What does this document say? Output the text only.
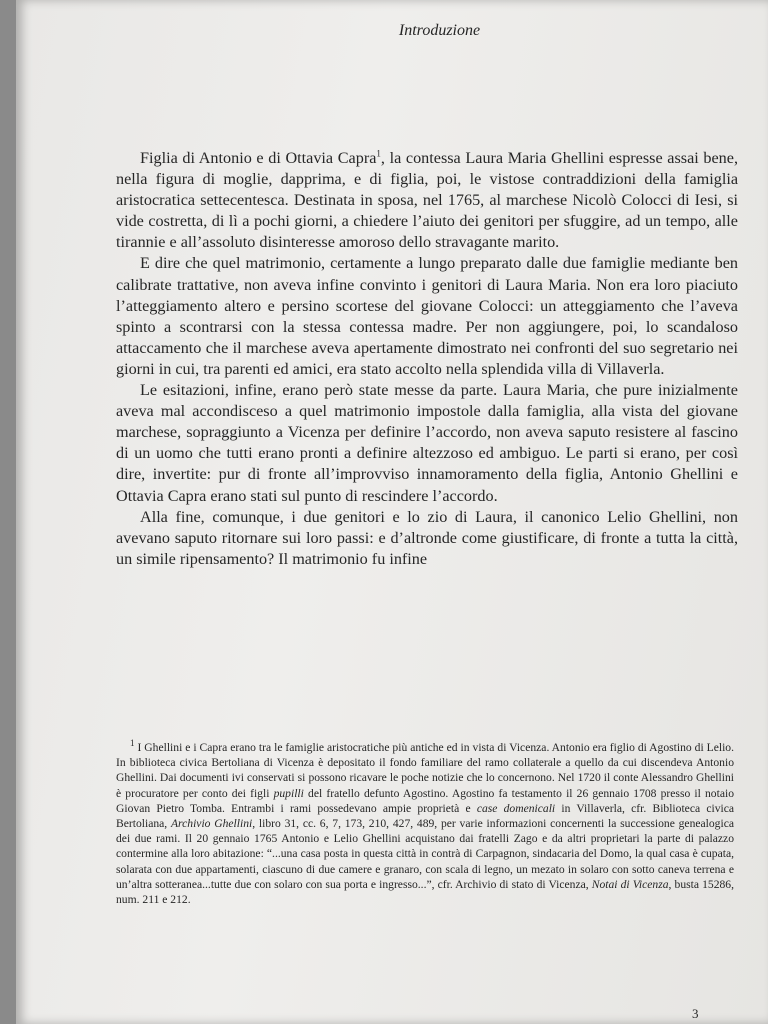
Introduzione

Figlia di Antonio e di Ottavia Capra$^1$, la contessa Laura Maria Ghellini espresse assai bene, nella figura di moglie, dapprima, e di figlia, poi, le vistose contraddizioni della famiglia aristocratica settecentesca. Destinata in sposa, nel 1765, al marchese Nicolò Colocci di Iesi, si vide costretta, di lì a pochi giorni, a chiedere l’aiuto dei genitori per sfuggire, ad un tempo, alle tirannie e all’assoluto disinteresse amoroso dello stravagante marito.

E dire che quel matrimonio, certamente a lungo preparato dalle due famiglie mediante ben calibrate trattative, non aveva infine convinto i genitori di Laura Maria. Non era loro piaciuto l’atteggiamento altero e persino scortese del giovane Colocci: un atteggiamento che l’aveva spinto a scontrarsi con la stessa contessa madre. Per non aggiungere, poi, lo scandaloso attaccamento che il marchese aveva apertamente dimostrato nei confronti del suo segretario nei giorni in cui, tra parenti ed amici, era stato accolto nella splendida villa di Villaverla.

Le esitazioni, infine, erano però state messe da parte. Laura Maria, che pure inizialmente aveva mal accondisceso a quel matrimonio impostole dalla famiglia, alla vista del giovane marchese, sopraggiunto a Vicenza per definire l’accordo, non aveva saputo resistere al fascino di un uomo che tutti erano pronti a definire altezzoso ed ambiguo. Le parti si erano, per così dire, invertite: pur di fronte all’improvviso innamoramento della figlia, Antonio Ghellini e Ottavia Capra erano stati sul punto di rescindere l’accordo.

Alla fine, comunque, i due genitori e lo zio di Laura, il canonico Lelio Ghellini, non avevano saputo ritornare sui loro passi: e d’altronde come giustificare, di fronte a tutta la città, un simile ripensamento? Il matrimonio fu infine

$^1$ I Ghellini e i Capra erano tra le famiglie aristocratiche più antiche ed in vista di Vicenza. Antonio era figlio di Agostino di Lelio. In biblioteca civica Bertoliana di Vicenza è depositato il fondo familiare del ramo collaterale a quello da cui discendeva Antonio Ghellini. Dai documenti ivi conservati si possono ricavare le poche notizie che lo concernono. Nel 1720 il conte Alessandro Ghellini è procuratore per conto dei figli pupilli del fratello defunto Agostino. Agostino fa testamento il 26 gennaio 1708 presso il notaio Giovan Pietro Tomba. Entrambi i rami possedevano ampie proprietà e case domenicali in Villaverla, cfr. Biblioteca civica Bertoliana, Archivio Ghellini, libro 31, cc. 6, 7, 173, 210, 427, 489, per varie informazioni concernenti la successione genealogica dei due rami. Il 20 gennaio 1765 Antonio e Lelio Ghellini acquistano dai fratelli Zago e da altri proprietari la parte di palazzo contermine alla loro abitazione: “...una casa posta in questa città in contrà di Carpagnon, sindacaria del Domo, la qual casa è cupata, solarata con due appartamenti, ciascuno di due camere e granaro, con scala di legno, un mezato in solaro con sotto caneva terrena e un’altra sotteranea...tutte due con solaro con sua porta e ingresso...”, cfr. Archivio di stato di Vicenza, Notai di Vicenza, busta 15286, num. 211 e 212.

3
